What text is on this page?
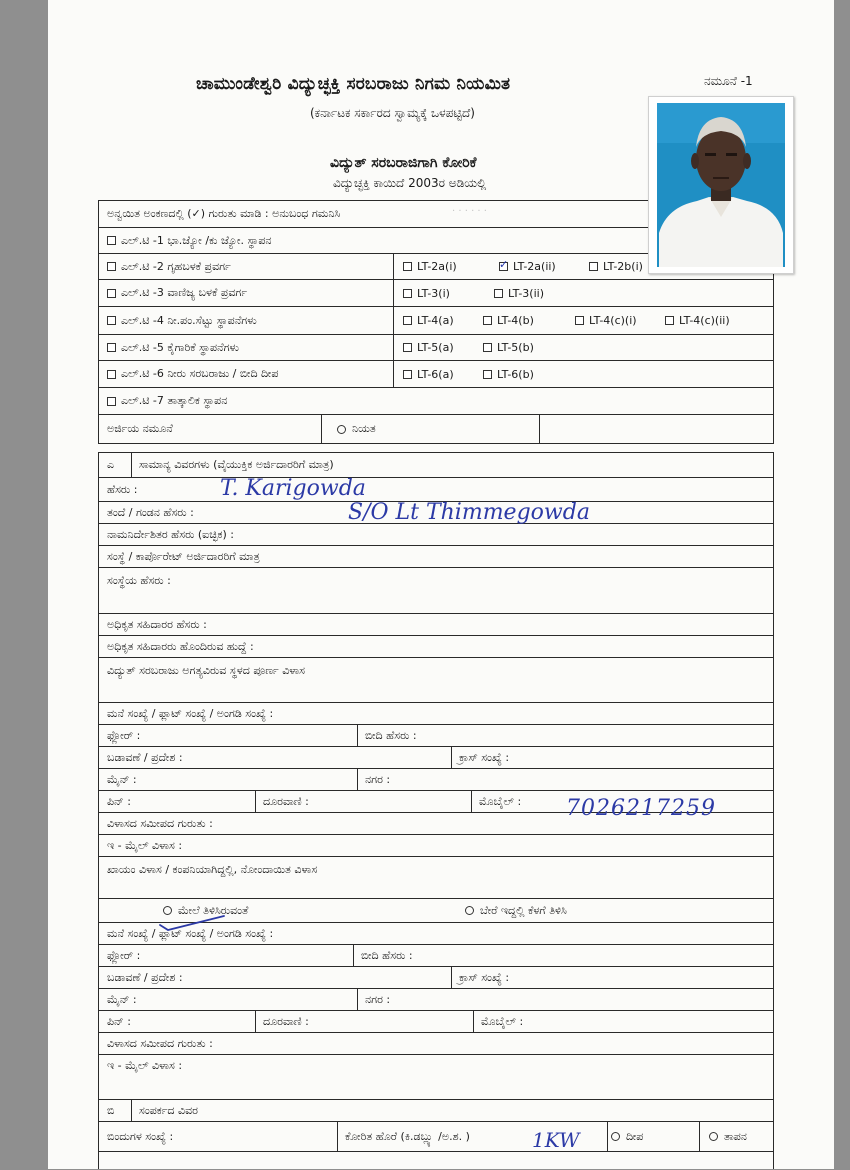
ಚಾಮುಂಡೇಶ್ವರಿ ವಿದ್ಯುಚ್ಛಕ್ತಿ ಸರಬರಾಜು ನಿಗಮ ನಿಯಮಿತ
(ಕರ್ನಾಟಕ ಸರ್ಕಾರದ ಸ್ವಾಮ್ಯಕ್ಕೆ ಒಳಪಟ್ಟಿದೆ)
ನಮೂನೆ -1
ವಿದ್ಯುತ್ ಸರಬರಾಜಿಗಾಗಿ ಕೋರಿಕೆ
ವಿದ್ಯುಚ್ಛಕ್ತಿ ಕಾಯಿದೆ 2003ರ ಅಡಿಯಲ್ಲಿ
· · · · · ·
ಅನ್ವಯಿತ ಅಂಕಣದಲ್ಲಿ (✓) ಗುರುತು ಮಾಡಿ : ಅನುಬಂಧ ಗಮನಿಸಿ
ಎಲ್.ಟಿ -1 ಭಾ.ಜ್ಯೋ /ಕು ಜ್ಯೋ. ಸ್ಥಾಪನ
ಎಲ್.ಟಿ -2 ಗೃಹಬಳಕೆ ಪ್ರವರ್ಗ	LT-2a(i)
✓	LT-2a(ii)	LT-2b(i)
ಎಲ್.ಟಿ -3 ವಾಣಿಜ್ಯ ಬಳಕೆ ಪ್ರವರ್ಗ	LT-3(i)	LT-3(ii)
ಎಲ್.ಟಿ -4 ನೀ.ಪಂ.ಸೆಟ್ಟು ಸ್ಥಾಪನೆಗಳು	LT-4(a)	LT-4(b)	LT-4(c)(i)	LT-4(c)(ii)
ಎಲ್.ಟಿ -5 ಕೈಗಾರಿಕೆ ಸ್ಥಾಪನೆಗಳು	LT-5(a)	LT-5(b)
ಎಲ್.ಟಿ -6 ನೀರು ಸರಬರಾಜು / ಬೀದಿ ದೀಪ	LT-6(a)	LT-6(b)
ಎಲ್.ಟಿ -7 ತಾತ್ಕಾಲಿಕ ಸ್ಥಾಪನ
ಅರ್ಜಿಯ ನಮೂನೆ	ನಿಯತ
ಎ	ಸಾಮಾನ್ಯ ವಿವರಗಳು (ವೈಯುಕ್ತಿಕ ಅರ್ಜಿದಾರರಿಗೆ ಮಾತ್ರ)
ಹೆಸರು :
ತಂದೆ / ಗಂಡನ ಹೆಸರು :
ನಾಮನಿರ್ದೇಶಿತರ ಹೆಸರು (ಐಚ್ಛಿಕ) :
ಸಂಸ್ಥೆ / ಕಾರ್ಪೊರೇಟ್ ಅರ್ಜಿದಾರರಿಗೆ ಮಾತ್ರ
ಸಂಸ್ಥೆಯ ಹೆಸರು :
ಅಧಿಕೃತ ಸಹಿದಾರರ ಹೆಸರು :
ಅಧಿಕೃತ ಸಹಿದಾರರು ಹೊಂದಿರುವ ಹುದ್ದೆ :
ವಿದ್ಯುತ್ ಸರಬರಾಜು ಅಗತ್ಯವಿರುವ ಸ್ಥಳದ ಪೂರ್ಣ ವಿಳಾಸ
ಮನೆ ಸಂಖ್ಯೆ / ಫ್ಲಾಟ್ ಸಂಖ್ಯೆ / ಅಂಗಡಿ ಸಂಖ್ಯೆ :
ಫ್ಲೋರ್ :	ಬೀದಿ ಹೆಸರು :
ಬಡಾವಣೆ / ಪ್ರದೇಶ :	ಕ್ರಾಸ್ ಸಂಖ್ಯೆ :
ಮೈನ್ :	ನಗರ :
ಪಿನ್ :	ದೂರವಾಣಿ :	ಮೊಬೈಲ್ :
ವಿಳಾಸದ ಸಮೀಪದ ಗುರುತು :
ಇ - ಮೈಲ್ ವಿಳಾಸ :
ಖಾಯಂ ವಿಳಾಸ / ಕಂಪನಿಯಾಗಿದ್ದಲ್ಲಿ, ನೋಂದಾಯಿತ ವಿಳಾಸ
ಮೇಲೆ ತಿಳಿಸಿರುವಂತೆ	ಬೇರೆ ಇದ್ದಲ್ಲಿ ಕೆಳಗೆ ತಿಳಿಸಿ
ಮನೆ ಸಂಖ್ಯೆ / ಫ್ಲಾಟ್ ಸಂಖ್ಯೆ / ಅಂಗಡಿ ಸಂಖ್ಯೆ :
ಫ್ಲೋರ್ :	ಬೀದಿ ಹೆಸರು :
ಬಡಾವಣೆ / ಪ್ರದೇಶ :	ಕ್ರಾಸ್ ಸಂಖ್ಯೆ :
ಮೈನ್ :	ನಗರ :
ಪಿನ್ :	ದೂರವಾಣಿ :	ಮೊಬೈಲ್ :
ವಿಳಾಸದ ಸಮೀಪದ ಗುರುತು :
ಇ - ಮೈಲ್ ವಿಳಾಸ :
ಬಿ	ಸಂಪರ್ಕದ ವಿವರ
ಬಿಂದುಗಳ ಸಂಖ್ಯೆ :	ಕೋರಿತ ಹೊರೆ (ಕಿ.ಡಬ್ಲ್ಯು /ಅ.ಶ. )	ದೀಪ	ತಾಪನ
T. Karigowda
S/O Lt Thimmegowda
7026217259
1KW
